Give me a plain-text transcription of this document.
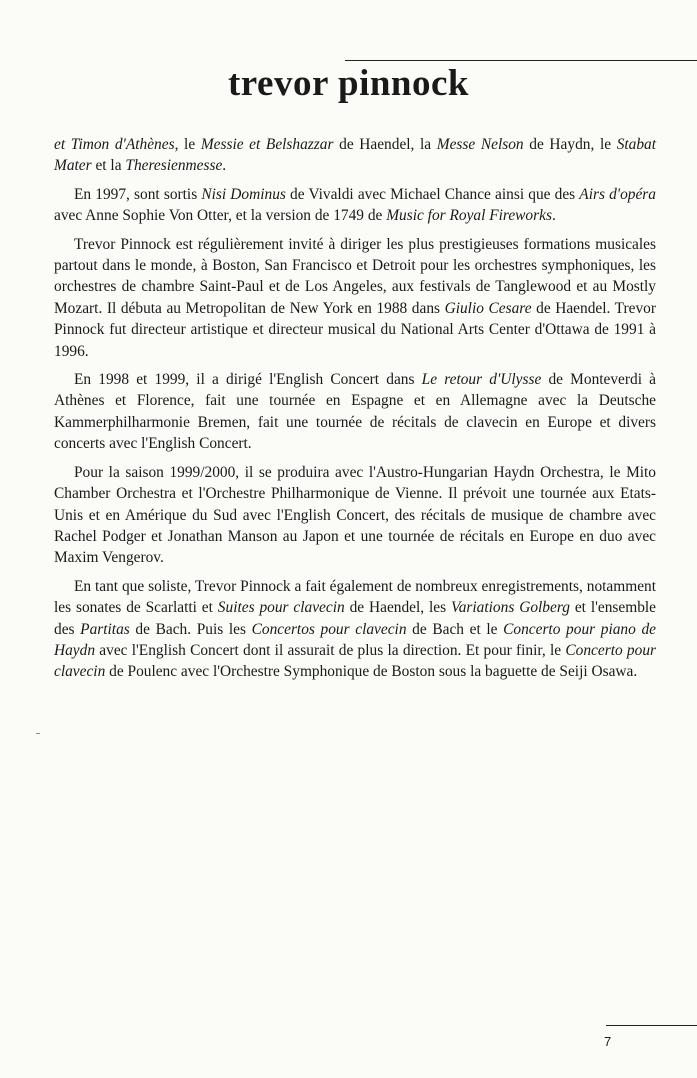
trevor pinnock

et Timon d'Athènes, le Messie et Belshazzar de Haendel, la Messe Nelson de Haydn, le Stabat Mater et la Theresienmesse.

En 1997, sont sortis Nisi Dominus de Vivaldi avec Michael Chance ainsi que des Airs d'opéra avec Anne Sophie Von Otter, et la version de 1749 de Music for Royal Fireworks.

Trevor Pinnock est régulièrement invité à diriger les plus prestigieuses formations musicales partout dans le monde, à Boston, San Francisco et Detroit pour les orchestres symphoniques, les orchestres de chambre Saint-Paul et de Los Angeles, aux festivals de Tanglewood et au Mostly Mozart. Il débuta au Metropolitan de New York en 1988 dans Giulio Cesare de Haendel. Trevor Pinnock fut directeur artistique et directeur musical du National Arts Center d'Ottawa de 1991 à 1996.

En 1998 et 1999, il a dirigé l'English Concert dans Le retour d'Ulysse de Monteverdi à Athènes et Florence, fait une tournée en Espagne et en Allemagne avec la Deutsche Kammerphilharmonie Bremen, fait une tournée de récitals de clavecin en Europe et divers concerts avec l'English Concert.

Pour la saison 1999/2000, il se produira avec l'Austro-Hungarian Haydn Orchestra, le Mito Chamber Orchestra et l'Orchestre Philharmonique de Vienne. Il prévoit une tournée aux Etats-Unis et en Amérique du Sud avec l'English Concert, des récitals de musique de chambre avec Rachel Podger et Jonathan Manson au Japon et une tournée de récitals en Europe en duo avec Maxim Vengerov.

En tant que soliste, Trevor Pinnock a fait également de nombreux enregistrements, notamment les sonates de Scarlatti et Suites pour clavecin de Haendel, les Variations Golberg et l'ensemble des Partitas de Bach. Puis les Concertos pour clavecin de Bach et le Concerto pour piano de Haydn avec l'English Concert dont il assurait de plus la direction. Et pour finir, le Concerto pour clavecin de Poulenc avec l'Orchestre Symphonique de Boston sous la baguette de Seiji Osawa.

7
